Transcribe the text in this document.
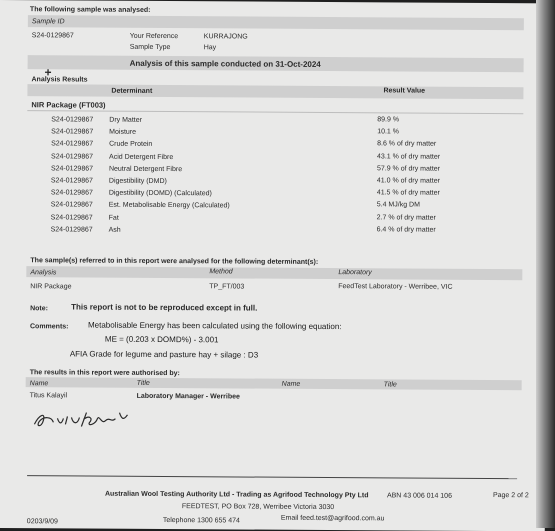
The following sample was analysed:
Sample ID
S24-0129867	Your Reference	KURRAJONG
Sample Type	Hay
Analysis of this sample conducted on 31-Oct-2024
+
Analysis Results
Determinant	Result Value
NIR Package (FT003)
S24-0129867 Dry Matter	89.9 %
S24-0129867 Moisture	10.1 %
S24-0129867 Crude Protein	8.6 % of dry matter
S24-0129867 Acid Detergent Fibre	43.1 % of dry matter
S24-0129867 Neutral Detergent Fibre	57.9 % of dry matter
S24-0129867 Digestibility (DMD)	41.0 % of dry matter
S24-0129867 Digestibility (DOMD) (Calculated)	41.5 % of dry matter
S24-0129867 Est. Metabolisable Energy (Calculated)	5.4 MJ/kg DM
S24-0129867 Fat	2.7 % of dry matter
S24-0129867 Ash	6.4 % of dry matter
The sample(s) referred to in this report were analysed for the following determinant(s):
Analysis	Method	Laboratory
NIR Package	TP_FT/003	FeedTest Laboratory - Werribee, VIC
Note:	This report is not to be reproduced except in full.
Comments: Metabolisable Energy has been calculated using the following equation:
ME = (0.203 x DOMD%) - 3.001
AFIA Grade for legume and pasture hay + silage : D3
The results in this report were authorised by:
Name	Title	Name	Title
Titus Kalayil	Laboratory Manager - Werribee
Australian Wool Testing Authority Ltd - Trading as Agrifood Technology Pty Ltd	ABN 43 006 014 106	Page 2 of 2
FEEDTEST, PO Box 728, Werribee Victoria 3030
Telephone 1300 655 474	Email feed.test@agrifood.com.au
0203/9/09
